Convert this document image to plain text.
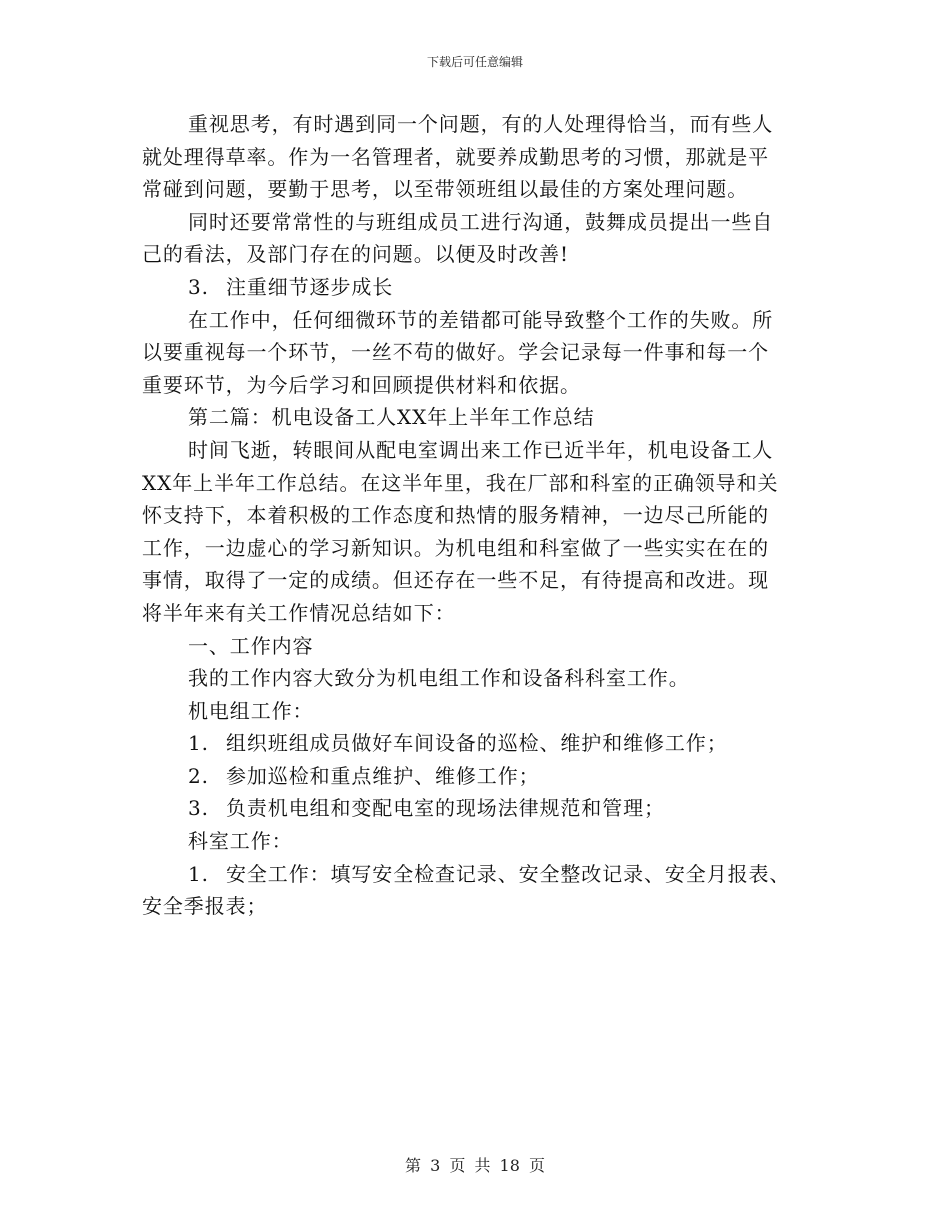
下载后可任意编辑
重视思考，有时遇到同一个问题，有的人处理得恰当，而有些人
就处理得草率。作为一名管理者，就要养成勤思考的习惯，那就是平
常碰到问题，要勤于思考，以至带领班组以最佳的方案处理问题。
同时还要常常性的与班组成员工进行沟通，鼓舞成员提出一些自
己的看法，及部门存在的问题。以便及时改善!
3. 注重细节逐步成长
在工作中，任何细微环节的差错都可能导致整个工作的失败。所
以要重视每一个环节，一丝不苟的做好。学会记录每一件事和每一个
重要环节，为今后学习和回顾提供材料和依据。
第二篇：机电设备工人XX年上半年工作总结
时间飞逝，转眼间从配电室调出来工作已近半年，机电设备工人
XX年上半年工作总结。在这半年里，我在厂部和科室的正确领导和关
怀支持下，本着积极的工作态度和热情的服务精神，一边尽己所能的
工作，一边虚心的学习新知识。为机电组和科室做了一些实实在在的
事情，取得了一定的成绩。但还存在一些不足，有待提高和改进。现
将半年来有关工作情况总结如下：
一、工作内容
我的工作内容大致分为机电组工作和设备科科室工作。
机电组工作：
1. 组织班组成员做好车间设备的巡检、维护和维修工作；
2. 参加巡检和重点维护、维修工作；
3. 负责机电组和变配电室的现场法律规范和管理；
科室工作：
1. 安全工作：填写安全检查记录、安全整改记录、安全月报表、
安全季报表；
第 3 页 共 18 页
